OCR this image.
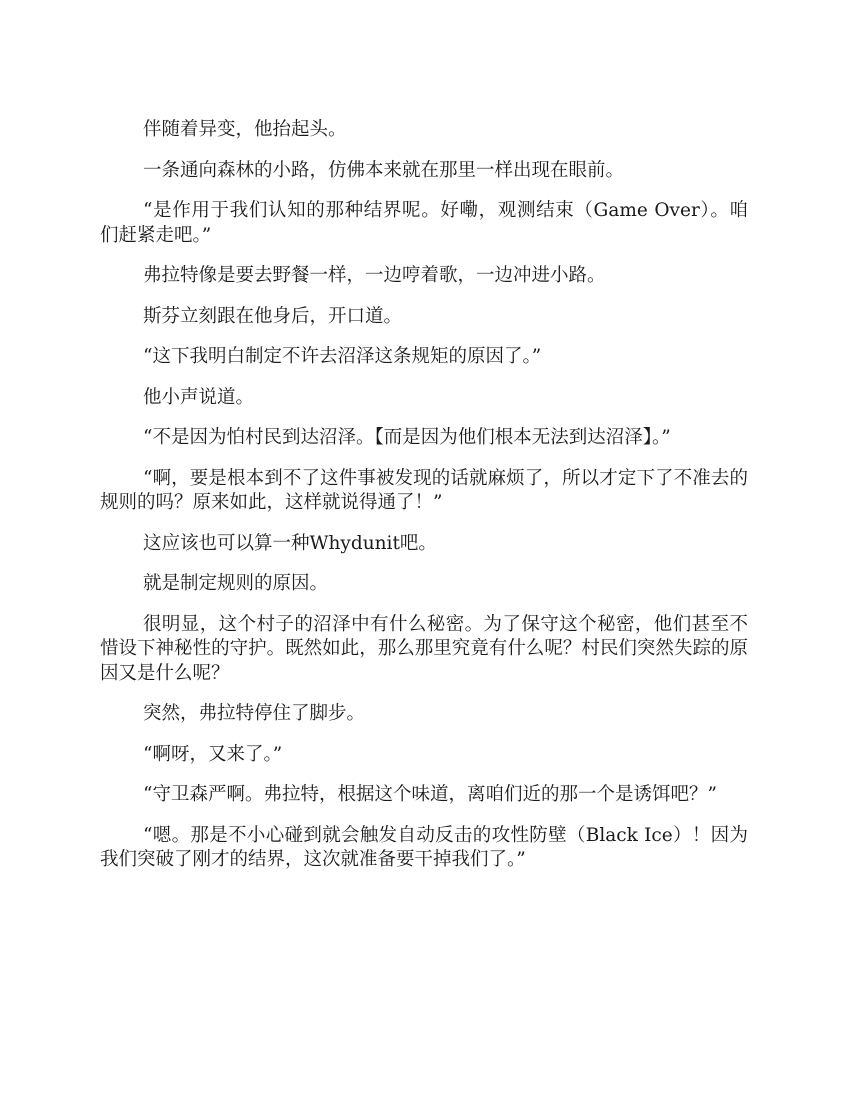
伴随着异变，他抬起头。

一条通向森林的小路，仿佛本来就在那里一样出现在眼前。

“是作用于我们认知的那种结界呢。好嘞，观测结束（Game Over）。咱们赶紧走吧。”

弗拉特像是要去野餐一样，一边哼着歌，一边冲进小路。

斯芬立刻跟在他身后，开口道。

“这下我明白制定不许去沼泽这条规矩的原因了。”

他小声说道。

“不是因为怕村民到达沼泽。【而是因为他们根本无法到达沼泽】。”

“啊，要是根本到不了这件事被发现的话就麻烦了，所以才定下了不准去的规则的吗？原来如此，这样就说得通了！”

这应该也可以算一种Whydunit吧。

就是制定规则的原因。

很明显，这个村子的沼泽中有什么秘密。为了保守这个秘密，他们甚至不惜设下神秘性的守护。既然如此，那么那里究竟有什么呢？村民们突然失踪的原因又是什么呢？

突然，弗拉特停住了脚步。

“啊呀，又来了。”

“守卫森严啊。弗拉特，根据这个味道，离咱们近的那一个是诱饵吧？”

“嗯。那是不小心碰到就会触发自动反击的攻性防壁（Black Ice）！因为我们突破了刚才的结界，这次就准备要干掉我们了。”
